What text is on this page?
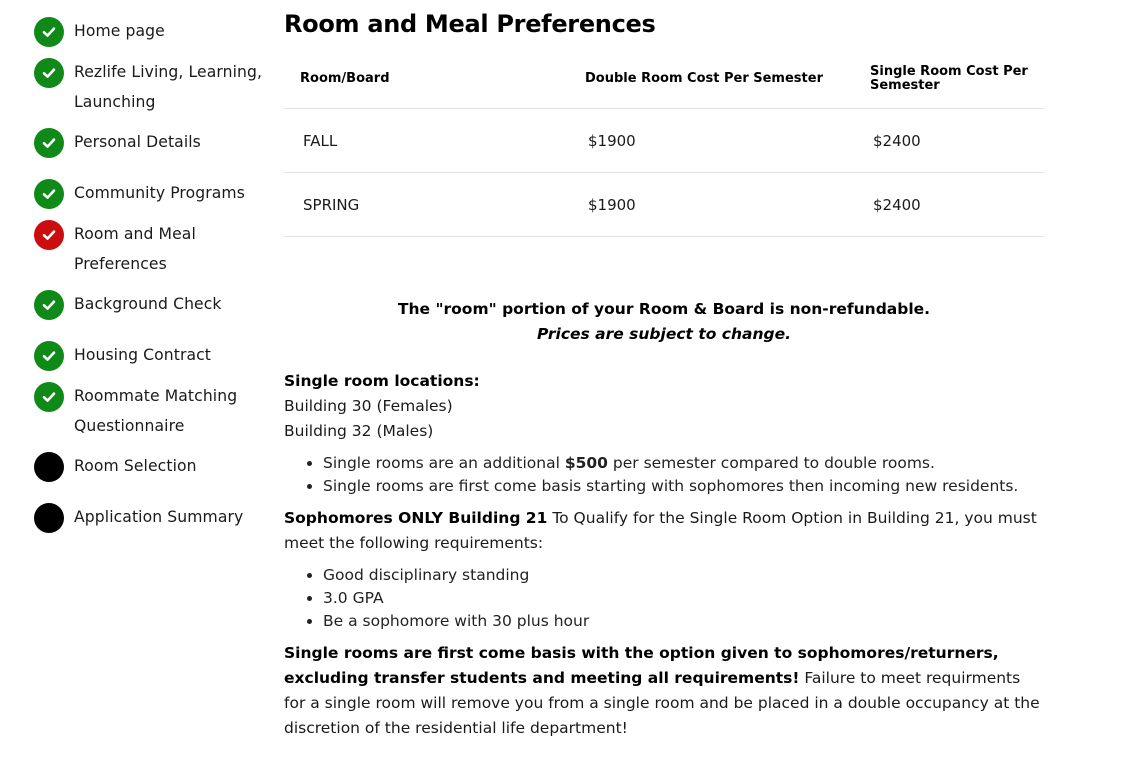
Home page
Rezlife Living, Learning, Launching
Personal Details
Community Programs
Room and Meal Preferences
Background Check
Housing Contract
Roommate Matching Questionnaire
Room Selection
Application Summary
Room and Meal Preferences
Room/Board	Double Room Cost Per Semester	Single Room Cost Per Semester
FALL	$1900	$2400
SPRING	$1900	$2400
The "room" portion of your Room & Board is non-refundable.
Prices are subject to change.
Single room locations:
Building 30 (Females)
Building 32 (Males)
• Single rooms are an additional $500 per semester compared to double rooms.
• Single rooms are first come basis starting with sophomores then incoming new residents.
Sophomores ONLY Building 21 To Qualify for the Single Room Option in Building 21, you must meet the following requirements:
• Good disciplinary standing
• 3.0 GPA
• Be a sophomore with 30 plus hour
Single rooms are first come basis with the option given to sophomores/returners, excluding transfer students and meeting all requirements! Failure to meet requirments for a single room will remove you from a single room and be placed in a double occupancy at the discretion of the residential life department!
